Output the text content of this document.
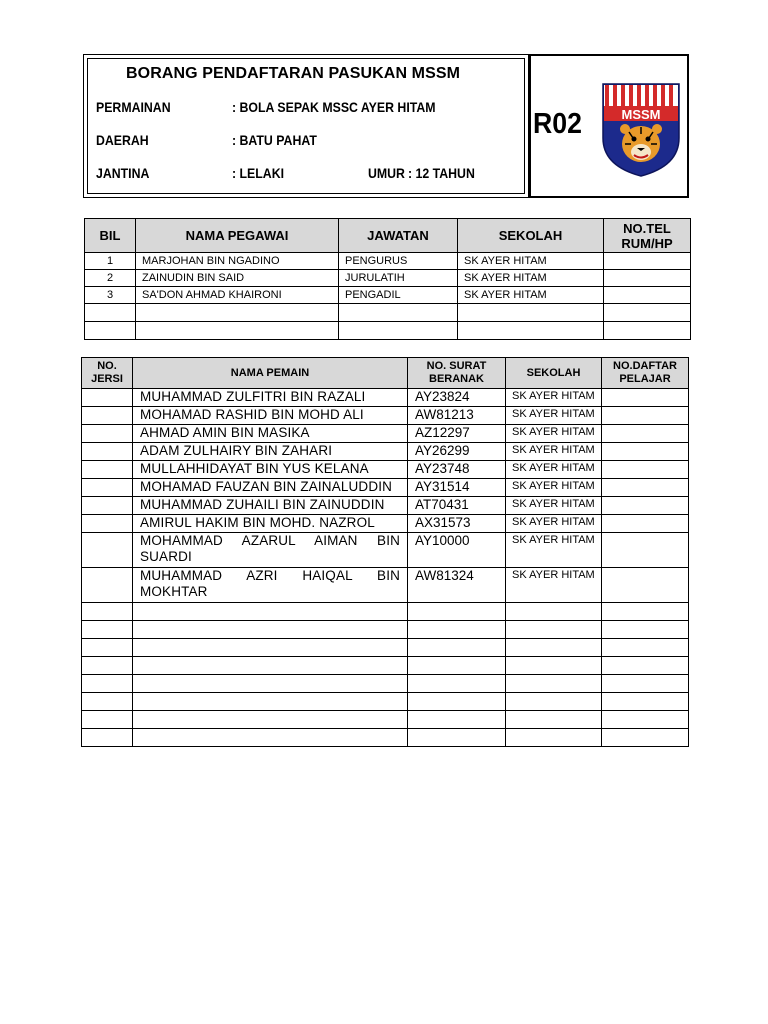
BORANG PENDAFTARAN PASUKAN MSSM
PERMAINAN	: BOLA SEPAK MSSC AYER HITAM
DAERAH	: BATU PAHAT
JANTINA	: LELAKI	UMUR : 12 TAHUN
R02	MSSM
BIL	NAMA PEGAWAI	JAWATAN	SEKOLAH	NO.TEL RUM/HP
1	MARJOHAN BIN NGADINO	PENGURUS	SK AYER HITAM	
2	ZAINUDIN BIN SAID	JURULATIH	SK AYER HITAM	
3	SA'DON AHMAD KHAIRONI	PENGADIL	SK AYER HITAM	

NO. JERSI	NAMA PEMAIN	NO. SURAT BERANAK	SEKOLAH	NO.DAFTAR PELAJAR
	MUHAMMAD ZULFITRI BIN RAZALI	AY23824	SK AYER HITAM	
	MOHAMAD RASHID BIN MOHD ALI	AW81213	SK AYER HITAM	
	AHMAD AMIN BIN MASIKA	AZ12297	SK AYER HITAM	
	ADAM ZULHAIRY BIN ZAHARI	AY26299	SK AYER HITAM	
	MULLAHHIDAYAT BIN YUS KELANA	AY23748	SK AYER HITAM	
	MOHAMAD FAUZAN BIN ZAINALUDDIN	AY31514	SK AYER HITAM	
	MUHAMMAD ZUHAILI BIN ZAINUDDIN	AT70431	SK AYER HITAM	
	AMIRUL HAKIM BIN MOHD. NAZROL	AX31573	SK AYER HITAM	
	MOHAMMAD AZARUL AIMAN BIN SUARDI	AY10000	SK AYER HITAM	
	MUHAMMAD AZRI HAIQAL BIN MOKHTAR	AW81324	SK AYER HITAM	
